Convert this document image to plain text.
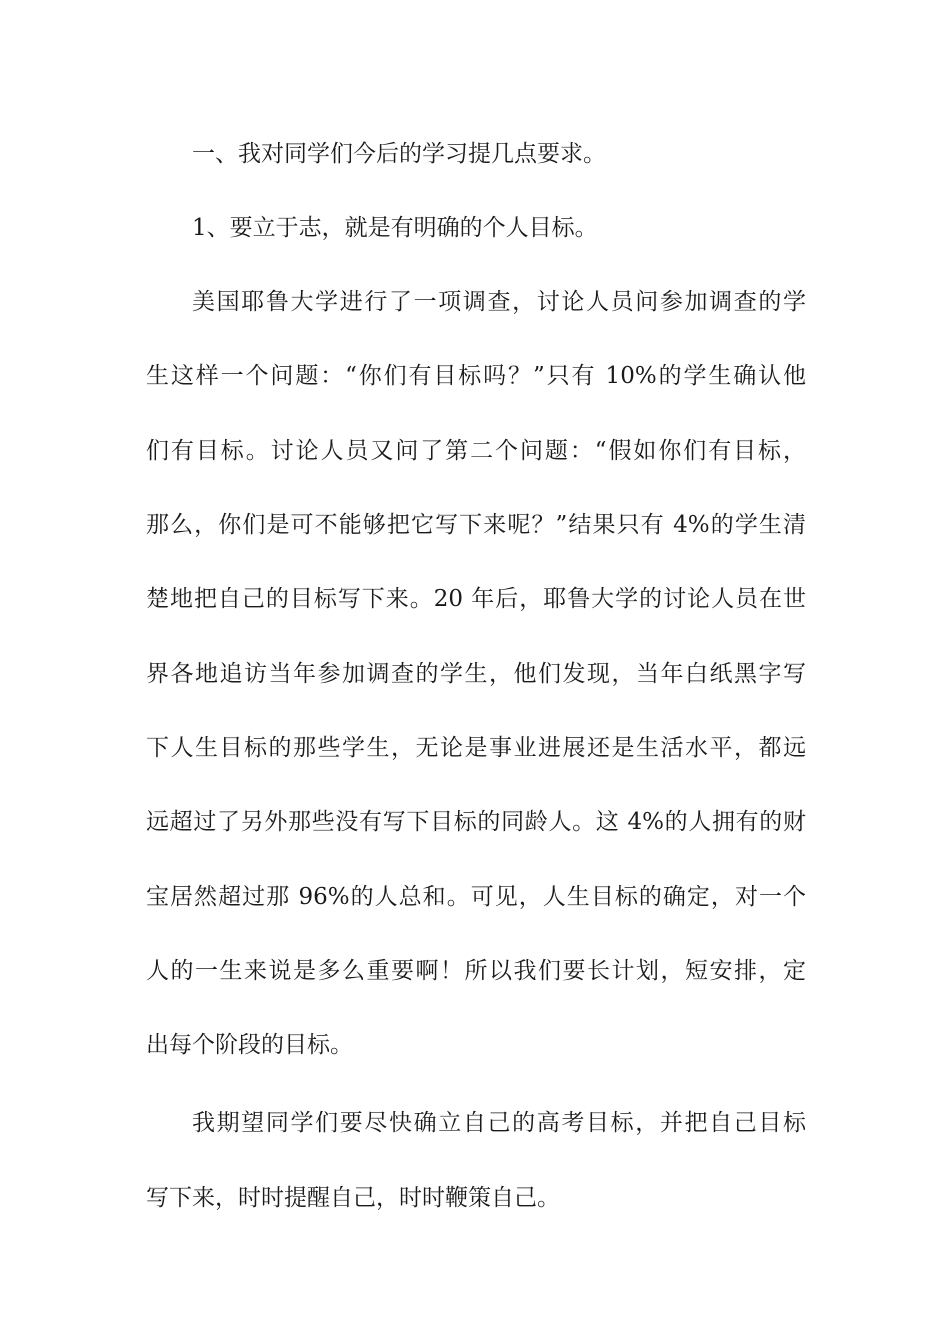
一、我对同学们今后的学习提几点要求。
1、要立于志，就是有明确的个人目标。
美国耶鲁大学进行了一项调查，讨论人员问参加调查的学
生这样一个问题：“你们有目标吗？”只有 10%的学生确认他
们有目标。讨论人员又问了第二个问题：“假如你们有目标，
那么，你们是可不能够把它写下来呢？”结果只有 4%的学生清
楚地把自己的目标写下来。20 年后，耶鲁大学的讨论人员在世
界各地追访当年参加调查的学生，他们发现，当年白纸黑字写
下人生目标的那些学生，无论是事业进展还是生活水平，都远
远超过了另外那些没有写下目标的同龄人。这 4%的人拥有的财
宝居然超过那 96%的人总和。可见，人生目标的确定，对一个
人的一生来说是多么重要啊！所以我们要长计划，短安排，定
出每个阶段的目标。
我期望同学们要尽快确立自己的高考目标，并把自己目标
写下来，时时提醒自己，时时鞭策自己。
